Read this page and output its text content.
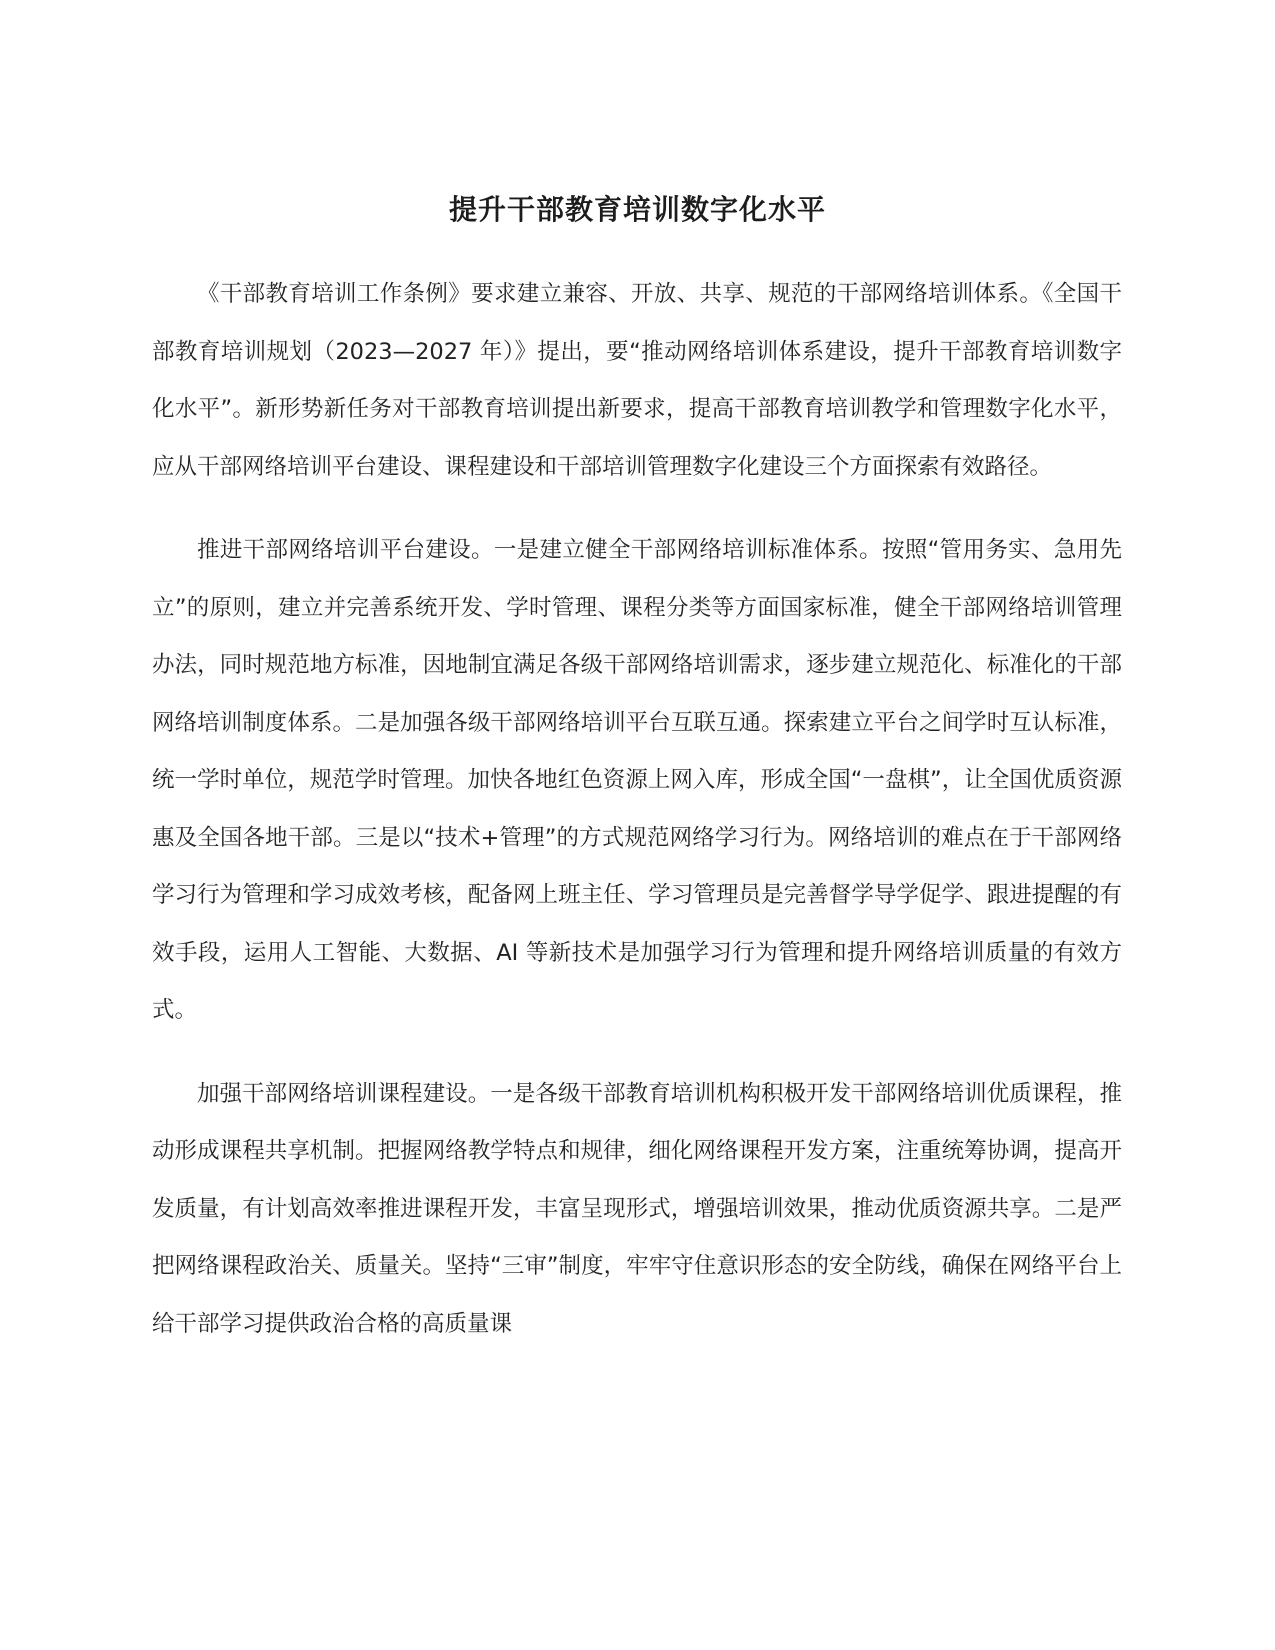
提升干部教育培训数字化水平

《干部教育培训工作条例》要求建立兼容、开放、共享、规范的干部网络培训体系。《全国干部教育培训规划（2023—2027 年）》提出，要“推动网络培训体系建设，提升干部教育培训数字化水平”。新形势新任务对干部教育培训提出新要求，提高干部教育培训教学和管理数字化水平，应从干部网络培训平台建设、课程建设和干部培训管理数字化建设三个方面探索有效路径。

推进干部网络培训平台建设。一是建立健全干部网络培训标准体系。按照“管用务实、急用先立”的原则，建立并完善系统开发、学时管理、课程分类等方面国家标准，健全干部网络培训管理办法，同时规范地方标准，因地制宜满足各级干部网络培训需求，逐步建立规范化、标准化的干部网络培训制度体系。二是加强各级干部网络培训平台互联互通。探索建立平台之间学时互认标准，统一学时单位，规范学时管理。加快各地红色资源上网入库，形成全国“一盘棋”，让全国优质资源惠及全国各地干部。三是以“技术+管理”的方式规范网络学习行为。网络培训的难点在于干部网络学习行为管理和学习成效考核，配备网上班主任、学习管理员是完善督学导学促学、跟进提醒的有效手段，运用人工智能、大数据、AI 等新技术是加强学习行为管理和提升网络培训质量的有效方式。

加强干部网络培训课程建设。一是各级干部教育培训机构积极开发干部网络培训优质课程，推动形成课程共享机制。把握网络教学特点和规律，细化网络课程开发方案，注重统筹协调，提高开发质量，有计划高效率推进课程开发，丰富呈现形式，增强培训效果，推动优质资源共享。二是严把网络课程政治关、质量关。坚持“三审”制度，牢牢守住意识形态的安全防线，确保在网络平台上给干部学习提供政治合格的高质量课
